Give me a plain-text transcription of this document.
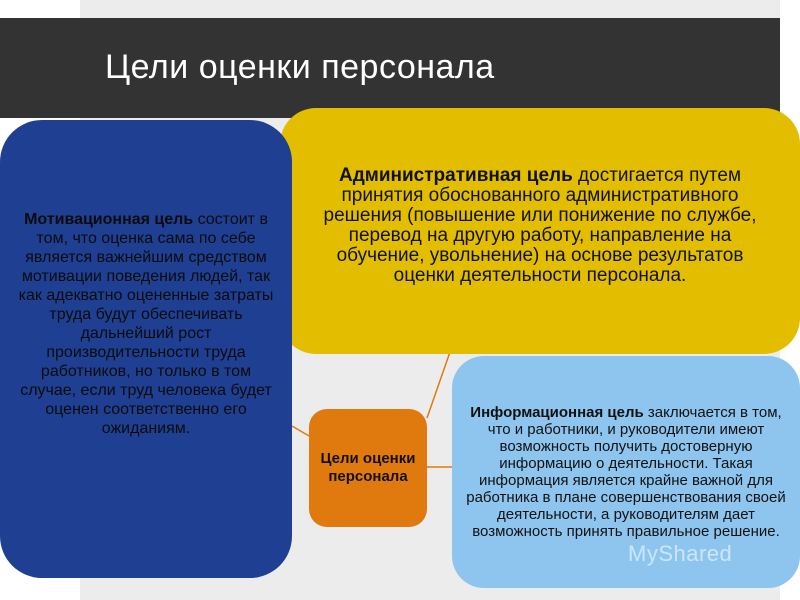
Цели оценки персонала
Административная цель достигается путем принятия обоснованного административного решения (повышение или понижение по службе, перевод на другую работу, направление на обучение, увольнение) на основе результатов оценки деятельности персонала.
Мотивационная цель состоит в том, что оценка сама по себе является важнейшим средством мотивации поведения людей, так как адекватно оцененные затраты труда будут обеспечивать дальнейший рост производительности труда работников, но только в том случае, если труд человека будет оценен соответственно его ожиданиям.
Цели оценки персонала
Информационная цель заключается в том, что и работники, и руководители имеют возможность получить достоверную информацию о деятельности. Такая информация является крайне важной для работника в плане совершенствования своей деятельности, а руководителям дает возможность принять правильное решение.
MyShared
